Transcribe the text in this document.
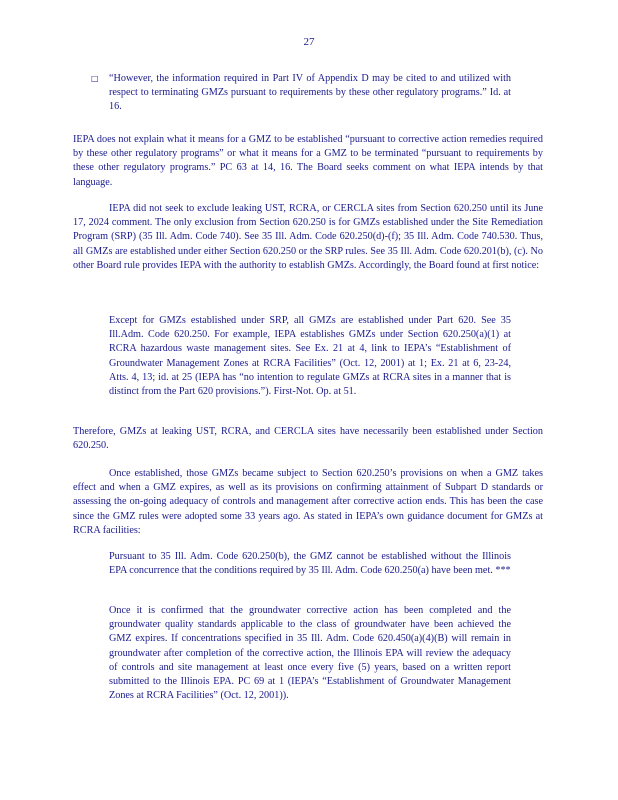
27
□ “However, the information required in Part IV of Appendix D may be cited to and utilized with respect to terminating GMZs pursuant to requirements by these other regulatory programs.” Id. at 16.

IEPA does not explain what it means for a GMZ to be established “pursuant to corrective action remedies required by these other regulatory programs” or what it means for a GMZ to be terminated “pursuant to requirements by these other regulatory programs.” PC 63 at 14, 16. The Board seeks comment on what IEPA intends by that language.

IEPA did not seek to exclude leaking UST, RCRA, or CERCLA sites from Section 620.250 until its June 17, 2024 comment. The only exclusion from Section 620.250 is for GMZs established under the Site Remediation Program (SRP) (35 Ill. Adm. Code 740). See 35 Ill. Adm. Code 620.250(d)-(f); 35 Ill. Adm. Code 740.530. Thus, all GMZs are established under either Section 620.250 or the SRP rules. See 35 Ill. Adm. Code 620.201(b), (c). No other Board rule provides IEPA with the authority to establish GMZs. Accordingly, the Board found at first notice:

Except for GMZs established under SRP, all GMZs are established under Part 620. See 35 Ill.Adm. Code 620.250. For example, IEPA establishes GMZs under Section 620.250(a)(1) at RCRA hazardous waste management sites. See Ex. 21 at 4, link to IEPA’s “Establishment of Groundwater Management Zones at RCRA Facilities” (Oct. 12, 2001) at 1; Ex. 21 at 6, 23-24, Atts. 4, 13; id. at 25 (IEPA has “no intention to regulate GMZs at RCRA sites in a manner that is distinct from the Part 620 provisions.”). First-Not. Op. at 51.

Therefore, GMZs at leaking UST, RCRA, and CERCLA sites have necessarily been established under Section 620.250.

Once established, those GMZs became subject to Section 620.250’s provisions on when a GMZ takes effect and when a GMZ expires, as well as its provisions on confirming attainment of Subpart D standards or assessing the on-going adequacy of controls and management after corrective action ends. This has been the case since the GMZ rules were adopted some 33 years ago. As stated in IEPA’s own guidance document for GMZs at RCRA facilities:

Pursuant to 35 Ill. Adm. Code 620.250(b), the GMZ cannot be established without the Illinois EPA concurrence that the conditions required by 35 Ill. Adm. Code 620.250(a) have been met. ***

Once it is confirmed that the groundwater corrective action has been completed and the groundwater quality standards applicable to the class of groundwater have been achieved the GMZ expires. If concentrations specified in 35 Ill. Adm. Code 620.450(a)(4)(B) will remain in groundwater after completion of the corrective action, the Illinois EPA will review the adequacy of controls and site management at least once every five (5) years, based on a written report submitted to the Illinois EPA. PC 69 at 1 (IEPA’s “Establishment of Groundwater Management Zones at RCRA Facilities” (Oct. 12, 2001)).
